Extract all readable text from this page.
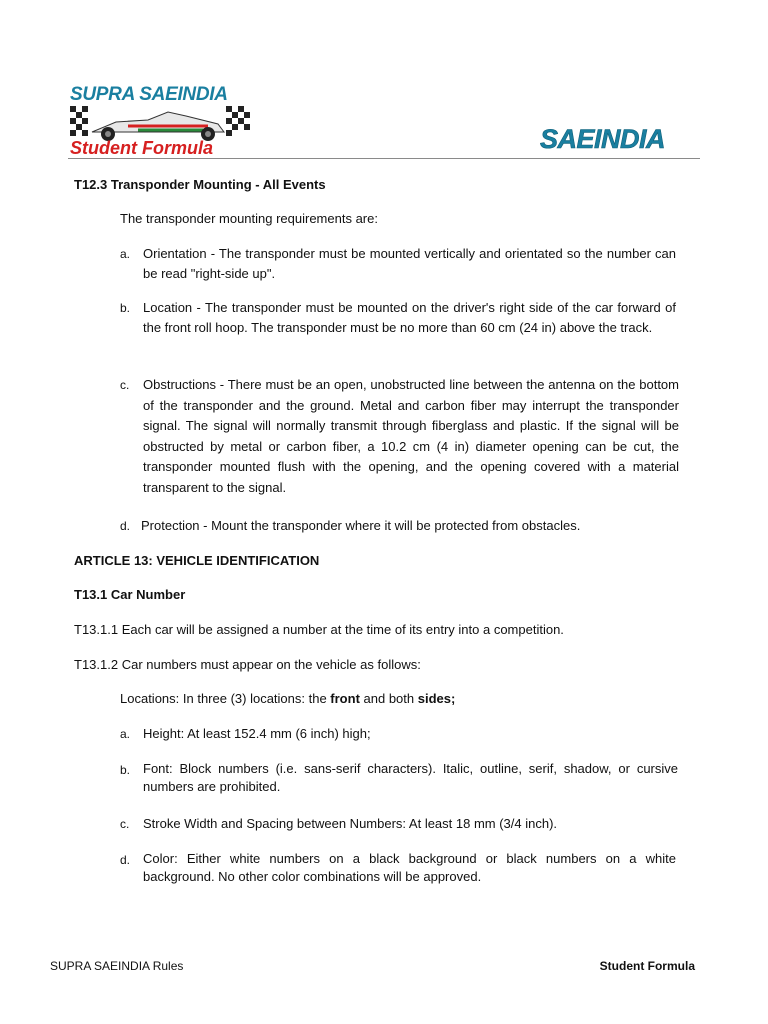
SUPRA SAEINDIA
Student Formula	SAEINDIA
T12.3 Transponder Mounting - All Events
The transponder mounting requirements are:
a. Orientation - The transponder must be mounted vertically and orientated so the number can be read "right-side up".
b. Location - The transponder must be mounted on the driver's right side of the car forward of the front roll hoop. The transponder must be no more than 60 cm (24 in) above the track.
c. Obstructions - There must be an open, unobstructed line between the antenna on the bottom of the transponder and the ground. Metal and carbon fiber may interrupt the transponder signal. The signal will normally transmit through fiberglass and plastic. If the signal will be obstructed by metal or carbon fiber, a 10.2 cm (4 in) diameter opening can be cut, the transponder mounted flush with the opening, and the opening covered with a material transparent to the signal.
d. Protection - Mount the transponder where it will be protected from obstacles.
ARTICLE 13: VEHICLE IDENTIFICATION
T13.1 Car Number
T13.1.1 Each car will be assigned a number at the time of its entry into a competition.
T13.1.2 Car numbers must appear on the vehicle as follows:
Locations: In three (3) locations: the front and both sides;
a. Height: At least 152.4 mm (6 inch) high;
b. Font: Block numbers (i.e. sans-serif characters). Italic, outline, serif, shadow, or cursive numbers are prohibited.
c. Stroke Width and Spacing between Numbers: At least 18 mm (3/4 inch).
d. Color: Either white numbers on a black background or black numbers on a white background. No other color combinations will be approved.
SUPRA SAEINDIA Rules	Student Formula
